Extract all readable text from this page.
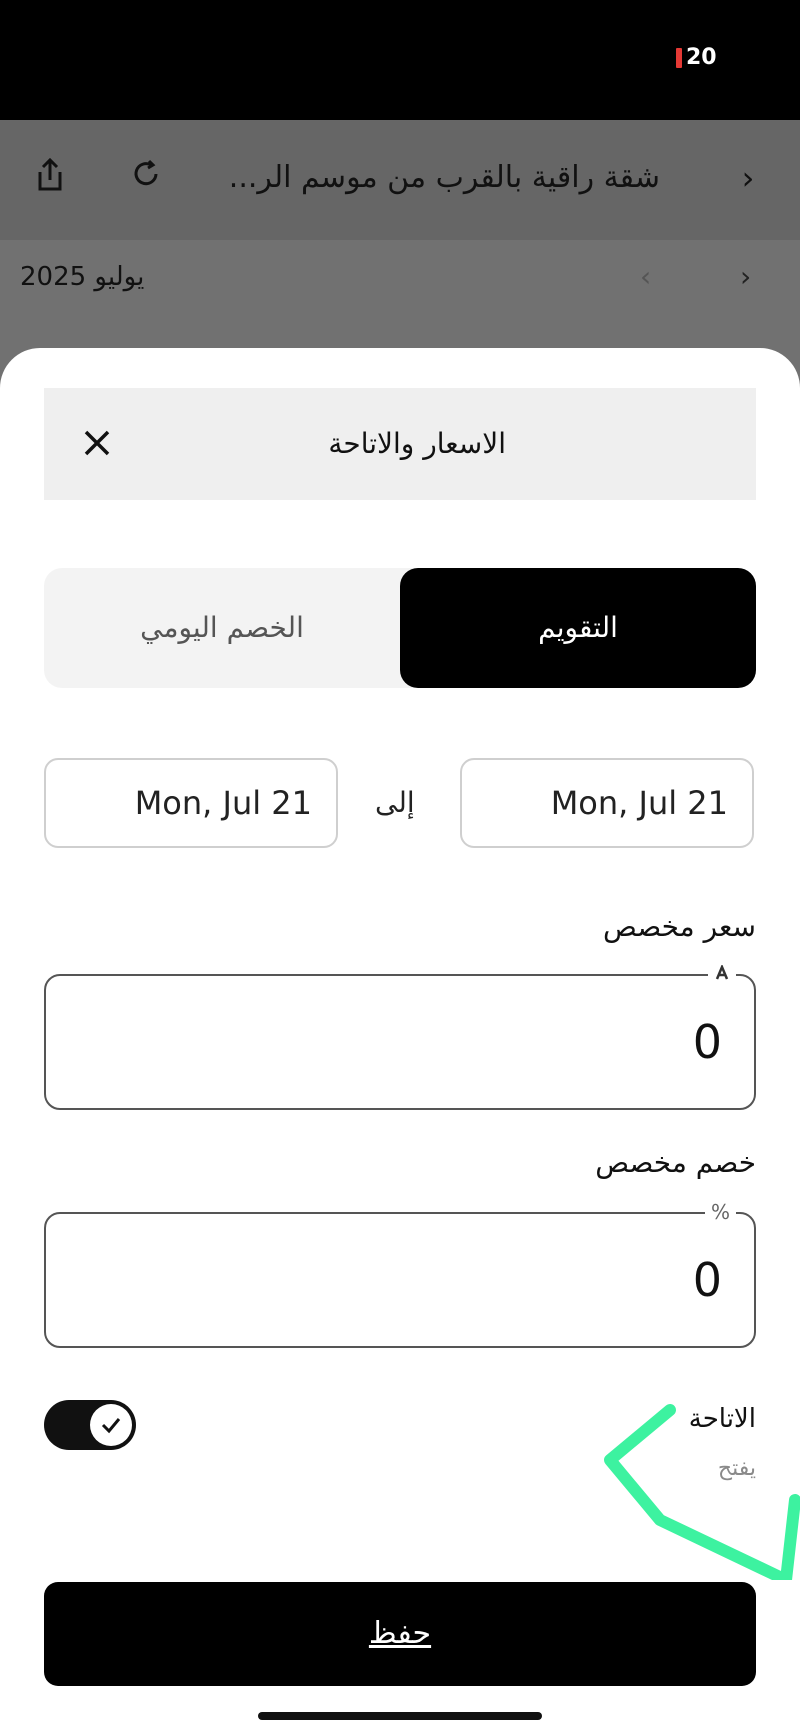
20
شقة راقية بالقرب من موسم الر...	›
يوليو 2025	‹	›
الاسعار والاتاحة
الخصم اليومي	التقويم
Mon, Jul 21 إلى	Mon, Jul 21
سعر مخصص
0
خصم مخصص
%
0
الاتاحة
يفتح
حفظ
